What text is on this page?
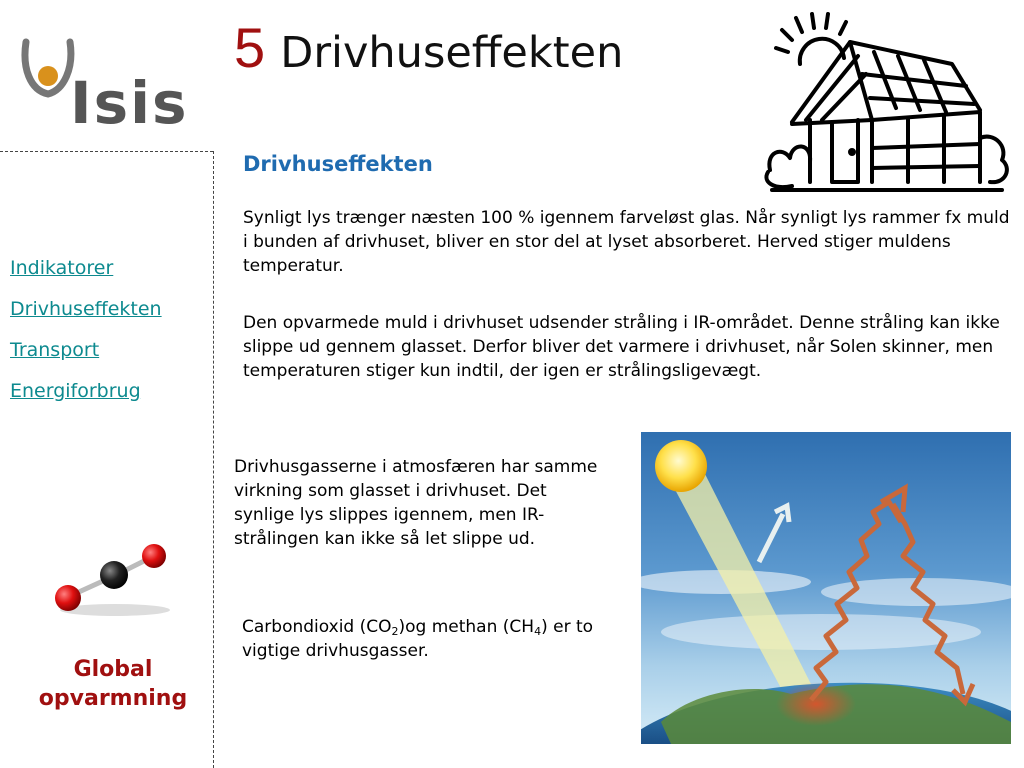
Isis
Indikatorer
Drivhuseffekten
Transport
Energiforbrug
Global opvarmning
5 Drivhuseffekten
Drivhuseffekten

Synligt lys trænger næsten 100 % igennem farveløst glas. Når synligt lys rammer fx muld i bunden af drivhuset, bliver en stor del at lyset absorberet. Herved stiger muldens temperatur.

Den opvarmede muld i drivhuset udsender stråling i IR-området. Denne stråling kan ikke slippe ud gennem glasset. Derfor bliver det varmere i drivhuset, når Solen skinner, men temperaturen stiger kun indtil, der igen er strålingsligevægt.

Drivhusgasserne i atmosfæren har samme virkning som glasset i drivhuset. Det synlige lys slippes igennem, men IR-strålingen kan ikke så let slippe ud.

Carbondioxid $(CO_2)og$ methan $(CH_4)$ er to vigtige drivhusgasser.
